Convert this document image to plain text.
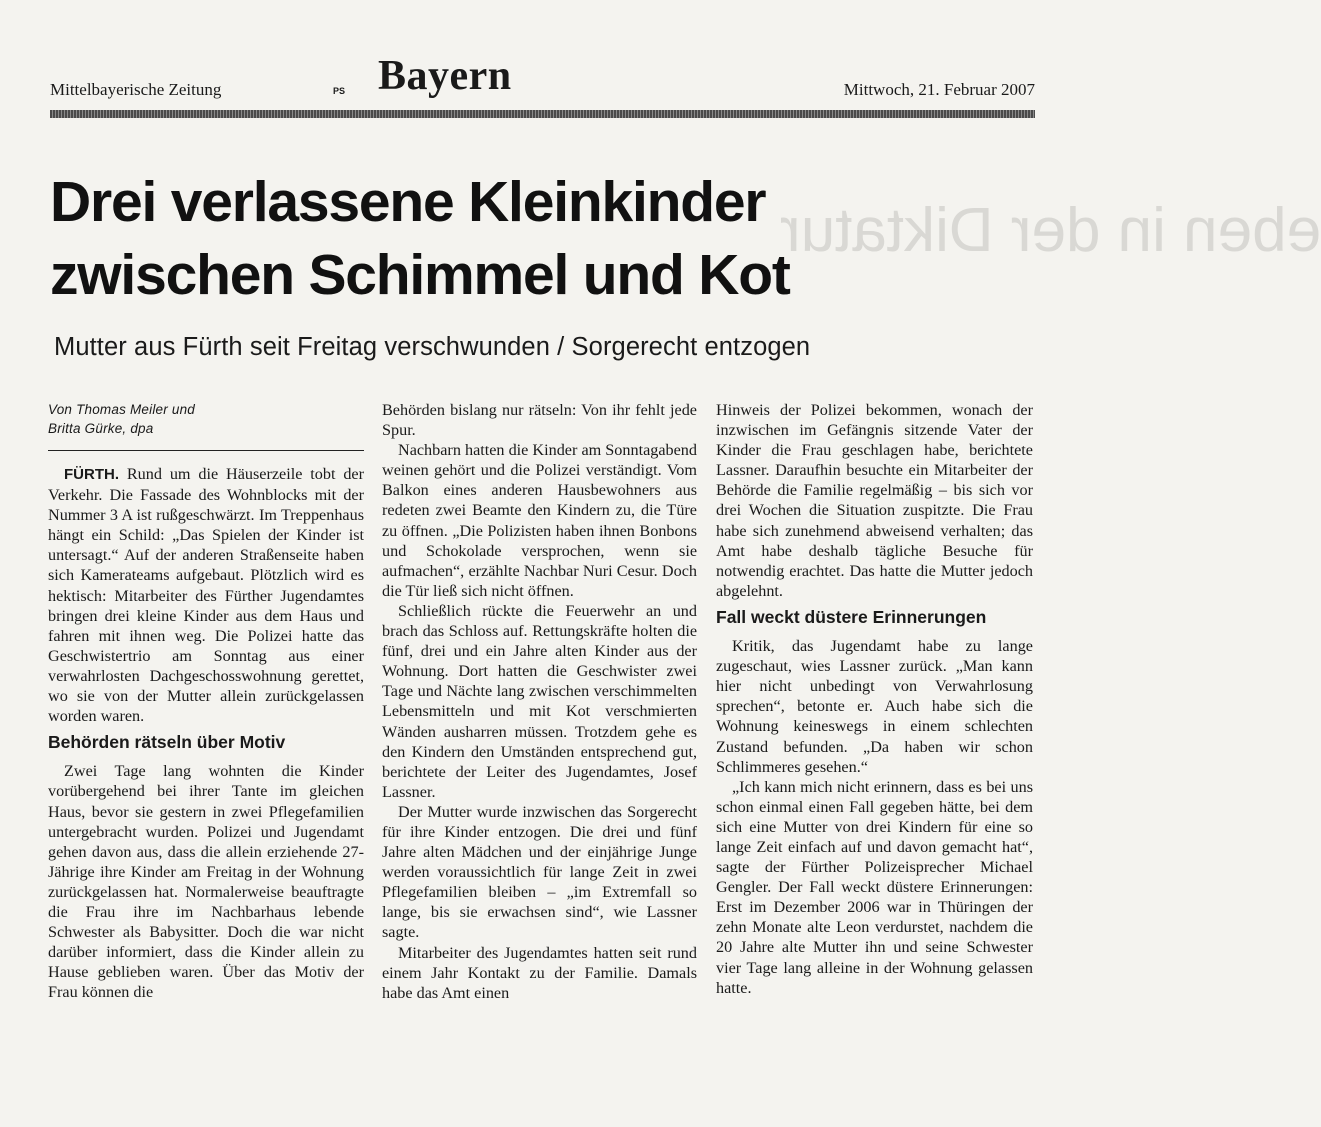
Mittelbayerische Zeitung	PS Bayern	Mittwoch, 21. Februar 2007
eben in der Diktatur
Drei verlassene Kleinkinder
zwischen Schimmel und Kot
Mutter aus Fürth seit Freitag verschwunden / Sorgerecht entzogen
Von Thomas Meiler und
Britta Gürke, dpa

FÜRTH. Rund um die Häuserzeile tobt der Verkehr. Die Fassade des Wohnblocks mit der Nummer 3 A ist rußgeschwärzt. Im Treppenhaus hängt ein Schild: „Das Spielen der Kinder ist untersagt.“ Auf der anderen Straßenseite haben sich Kamerateams aufgebaut. Plötzlich wird es hektisch: Mitarbeiter des Fürther Jugendamtes bringen drei kleine Kinder aus dem Haus und fahren mit ihnen weg. Die Polizei hatte das Geschwistertrio am Sonntag aus einer verwahrlosten Dachgeschosswohnung gerettet, wo sie von der Mutter allein zurückgelassen worden waren.

Behörden rätseln über Motiv

Zwei Tage lang wohnten die Kinder vorübergehend bei ihrer Tante im gleichen Haus, bevor sie gestern in zwei Pflegefamilien untergebracht wurden. Polizei und Jugendamt gehen davon aus, dass die allein erziehende 27-Jährige ihre Kinder am Freitag in der Wohnung zurückgelassen hat. Normalerweise beauftragte die Frau ihre im Nachbarhaus lebende Schwester als Babysitter. Doch die war nicht darüber informiert, dass die Kinder allein zu Hause geblieben waren. Über das Motiv der Frau können die

Behörden bislang nur rätseln: Von ihr fehlt jede Spur.

Nachbarn hatten die Kinder am Sonntagabend weinen gehört und die Polizei verständigt. Vom Balkon eines anderen Hausbewohners aus redeten zwei Beamte den Kindern zu, die Türe zu öffnen. „Die Polizisten haben ihnen Bonbons und Schokolade versprochen, wenn sie aufmachen“, erzählte Nachbar Nuri Cesur. Doch die Tür ließ sich nicht öffnen.

Schließlich rückte die Feuerwehr an und brach das Schloss auf. Rettungskräfte holten die fünf, drei und ein Jahre alten Kinder aus der Wohnung. Dort hatten die Geschwister zwei Tage und Nächte lang zwischen verschimmelten Lebensmitteln und mit Kot verschmierten Wänden ausharren müssen. Trotzdem gehe es den Kindern den Umständen entsprechend gut, berichtete der Leiter des Jugendamtes, Josef Lassner.

Der Mutter wurde inzwischen das Sorgerecht für ihre Kinder entzogen. Die drei und fünf Jahre alten Mädchen und der einjährige Junge werden voraussichtlich für lange Zeit in zwei Pflegefamilien bleiben – „im Extremfall so lange, bis sie erwachsen sind“, wie Lassner sagte.

Mitarbeiter des Jugendamtes hatten seit rund einem Jahr Kontakt zu der Familie. Damals habe das Amt einen

Hinweis der Polizei bekommen, wonach der inzwischen im Gefängnis sitzende Vater der Kinder die Frau geschlagen habe, berichtete Lassner. Daraufhin besuchte ein Mitarbeiter der Behörde die Familie regelmäßig – bis sich vor drei Wochen die Situation zuspitzte. Die Frau habe sich zunehmend abweisend verhalten; das Amt habe deshalb tägliche Besuche für notwendig erachtet. Das hatte die Mutter jedoch abgelehnt.

Fall weckt düstere Erinnerungen

Kritik, das Jugendamt habe zu lange zugeschaut, wies Lassner zurück. „Man kann hier nicht unbedingt von Verwahrlosung sprechen“, betonte er. Auch habe sich die Wohnung keineswegs in einem schlechten Zustand befunden. „Da haben wir schon Schlimmeres gesehen.“

„Ich kann mich nicht erinnern, dass es bei uns schon einmal einen Fall gegeben hätte, bei dem sich eine Mutter von drei Kindern für eine so lange Zeit einfach auf und davon gemacht hat“, sagte der Fürther Polizeisprecher Michael Gengler. Der Fall weckt düstere Erinnerungen: Erst im Dezember 2006 war in Thüringen der zehn Monate alte Leon verdurstet, nachdem die 20 Jahre alte Mutter ihn und seine Schwester vier Tage lang alleine in der Wohnung gelassen hatte.
